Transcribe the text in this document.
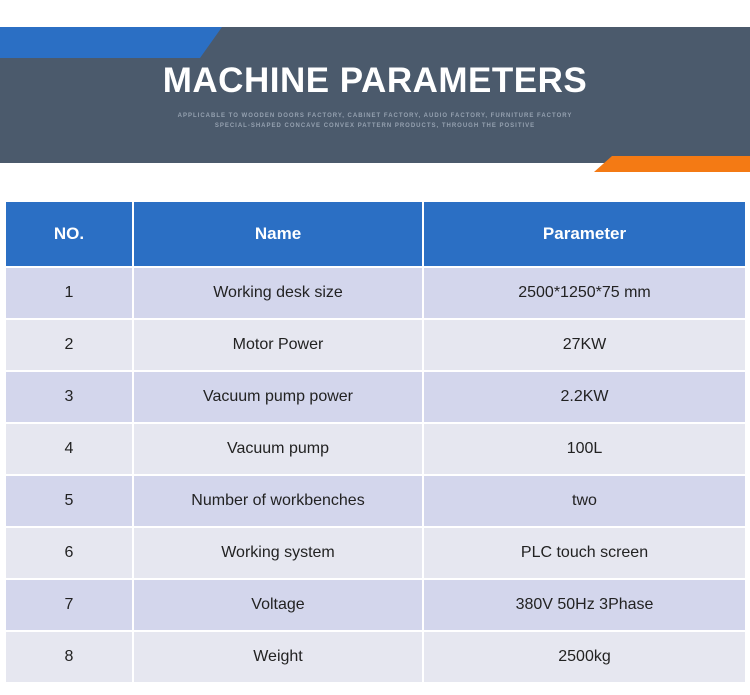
MACHINE PARAMETERS
APPLICABLE TO WOODEN DOORS FACTORY, CABINET FACTORY, AUDIO FACTORY, FURNITURE FACTORY
SPECIAL-SHAPED CONCAVE CONVEX PATTERN PRODUCTS, THROUGH THE POSITIVE
NO.	Name	Parameter
1	Working desk size	2500*1250*75 mm
2	Motor Power	27KW
3	Vacuum pump power	2.2KW
4	Vacuum pump	100L
5	Number of workbenches	two
6	Working system	PLC touch screen
7	Voltage	380V 50Hz 3Phase
8	Weight	2500kg
